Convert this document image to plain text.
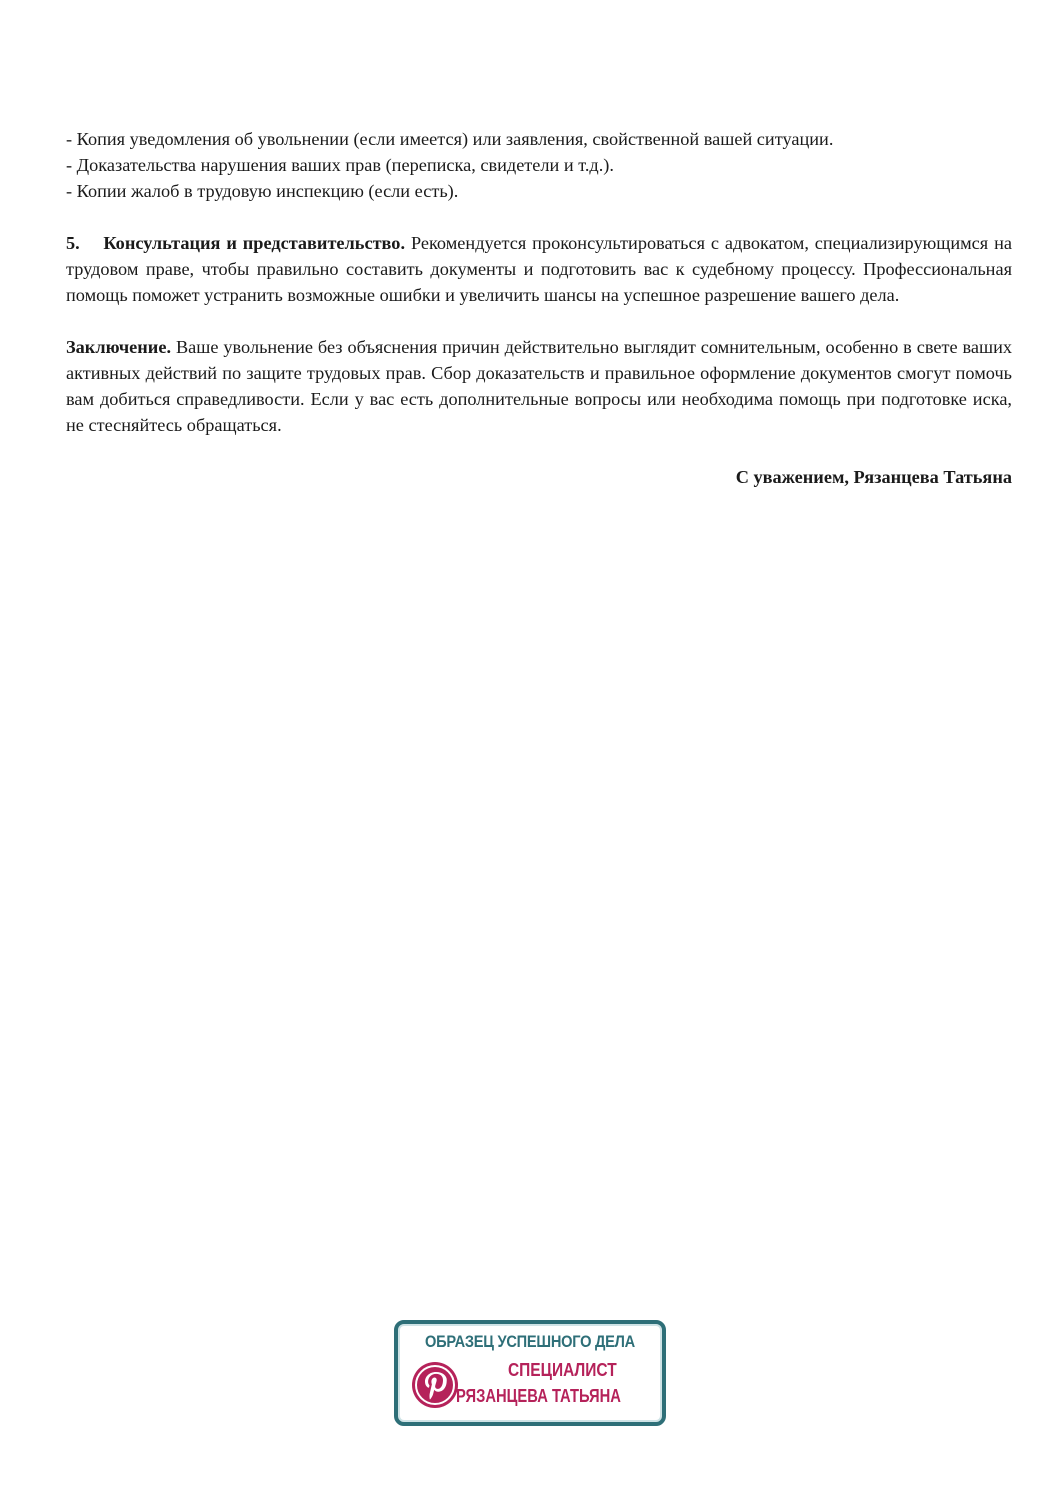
- Копия уведомления об увольнении (если имеется) или заявления, свойственной вашей ситуации.

- Доказательства нарушения ваших прав (переписка, свидетели и т.д.).

- Копии жалоб в трудовую инспекцию (если есть).

5. Консультация и представительство. Рекомендуется проконсультироваться с адвокатом, специализирующимся на трудовом праве, чтобы правильно составить документы и подготовить вас к судебному процессу. Профессиональная помощь поможет устранить возможные ошибки и увеличить шансы на успешное разрешение вашего дела.

Заключение. Ваше увольнение без объяснения причин действительно выглядит сомнительным, особенно в свете ваших активных действий по защите трудовых прав. Сбор доказательств и правильное оформление документов смогут помочь вам добиться справедливости. Если у вас есть дополнительные вопросы или необходима помощь при подготовке иска, не стесняйтесь обращаться.

С уважением, Рязанцева Татьяна

ОБРАЗЕЦ УСПЕШНОГО ДЕЛА
СПЕЦИАЛИСТ
РЯЗАНЦЕВА ТАТЬЯНА
